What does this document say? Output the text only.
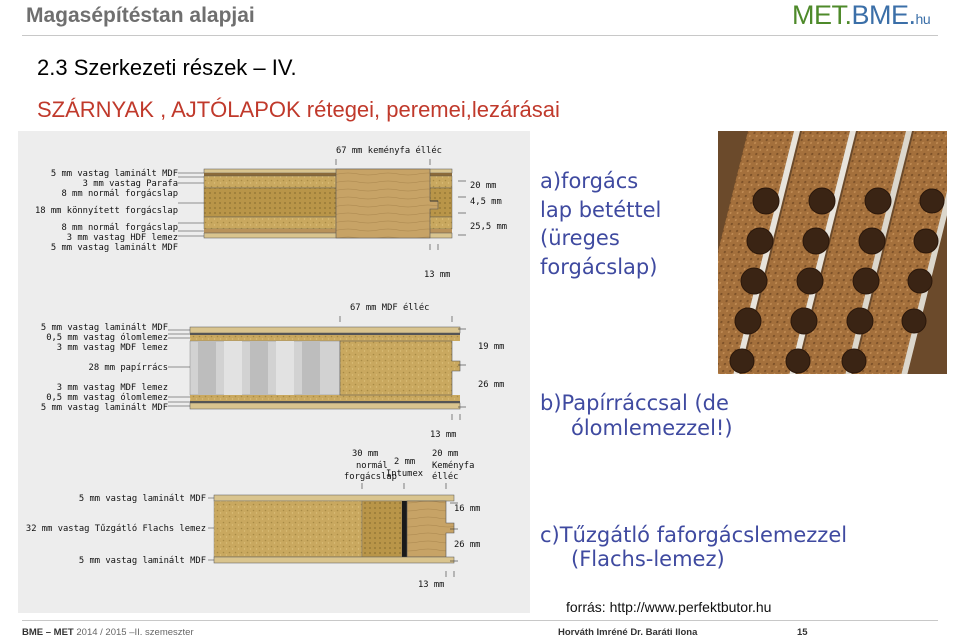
Magasépítéstan alapjai	MET.BME.hu
2.3 Szerkezeti részek – IV.
SZÁRNYAK , AJTÓLAPOK rétegei, peremei,lezárásai
67 mm keményfa élléc
5 mm vastag laminált MDF
3 mm vastag Parafa
8 mm normál forgácslap
18 mm könnyített forgácslap
8 mm normál forgácslap
3 mm vastag HDF lemez
5 mm vastag laminált MDF
20 mm
4,5 mm
25,5 mm
13 mm
67 mm MDF élléc
5 mm vastag laminált MDF
0,5 mm vastag ólomlemez
3 mm vastag MDF lemez
28 mm papírrács
3 mm vastag MDF lemez
0,5 mm vastag ólomlemez
5 mm vastag laminált MDF
19 mm
26 mm
13 mm
30 mm
normál
forgácslap
2 mm
Intumex
20 mm
Keményfa
élléc
5 mm vastag laminált MDF
32 mm vastag Tűzgátló Flachs lemez
5 mm vastag laminált MDF
16 mm
26 mm
13 mm
a)forgács
lap betéttel
(üreges
forgácslap)
b)Papírráccsal (de
ólomlemezzel!)
c)Tűzgátló faforgácslemezzel
(Flachs-lemez)
forrás: http://www.perfektbutor.hu
BME – MET 2014 / 2015 –II. szemeszter	Horváth Imréné Dr. Baráti Ilona	15
